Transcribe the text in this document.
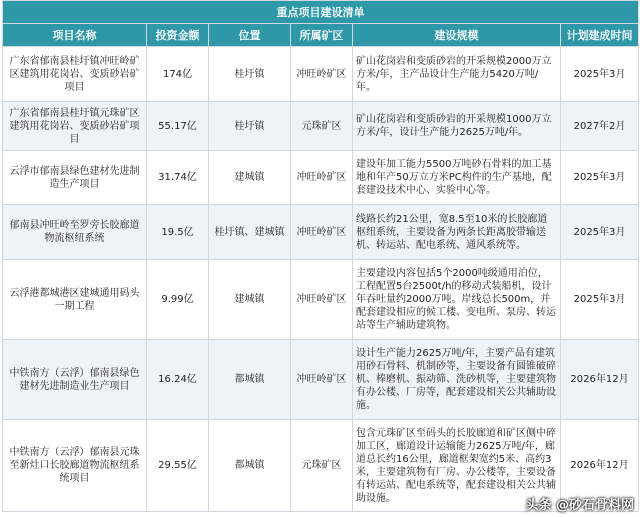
重点项目建设清单					
项目名称	投资金额	位置	所属矿区	建设规模	计划建成时间
广东省郁南县桂圩镇冲旺岭矿区建筑用花岗岩、变质砂岩矿项目	174亿	桂圩镇	冲旺岭矿区	矿山花岗岩和变质砂岩的开采规模2000万立方米/年，主产品设计生产能力5420万吨/年。	2025年3月
广东省郁南县桂圩镇元珠矿区建筑用花岗岩、变质砂岩矿项目	55.17亿	桂圩镇	元珠矿区	矿山花岗岩和变质砂岩的开采规模1000万立方米/年，设计生产能力2625万吨/年。	2027年2月
云浮市郁南县绿色建材先进制造生产项目	31.74亿	建城镇	冲旺岭矿区	建设年加工能力5500万吨砂石骨料的加工基地和年产50万立方米PC构件的生产基地，配套建设技术中心、实验中心等。	2025年3月
郁南县冲旺岭至罗旁长胶廊道物流枢纽系统	19.5亿	桂圩镇、建城镇	冲旺岭矿区	线路长约21公里，宽8.5至10米的长胶廊道枢纽系统，主要设备为两条长距离胶带输送机、转运站、配电系统、通风系统等。	2025年3月
云浮港都城港区建城通用码头一期工程	9.99亿	建城镇	冲旺岭矿区	主要建设内容包括5个2000吨级通用泊位，工程配置5台2500t/h的移动式装船机，设计年吞吐量约2000万吨。岸线总长500m，并配套建设相应的候工楼、变电所、泵房、转运站等生产辅助建筑物。	2025年3月
中铁南方（云浮）郁南县绿色建材先进制造业生产项目	16.24亿	都城镇	冲旺岭矿区	设计生产能力2625万吨/年，主要产品有建筑用砂石骨料、机制砂等，主要设备有圆锥破碎机、棒磨机、振动筛、洗砂机等，主要建筑物有办公楼、厂房等，配套建设相关公共辅助设施。	2026年12月
中铁南方（云浮）郁南县元珠至新灶口长胶廊道物流枢纽系统项目	29.55亿	都城镇	元珠矿区	包含元珠矿区至码头的长胶廊道和矿区侧中碎加工区，廊道设计运输能力2625万吨/年，廊道总长约16公里，廊道框架宽约5米、高约3米，主要建筑物有厂房、办公楼等，主要设备有转运站、配电系统等，配套建设相关公共辅助设施。	2026年12月
头条 @砂石骨料网
